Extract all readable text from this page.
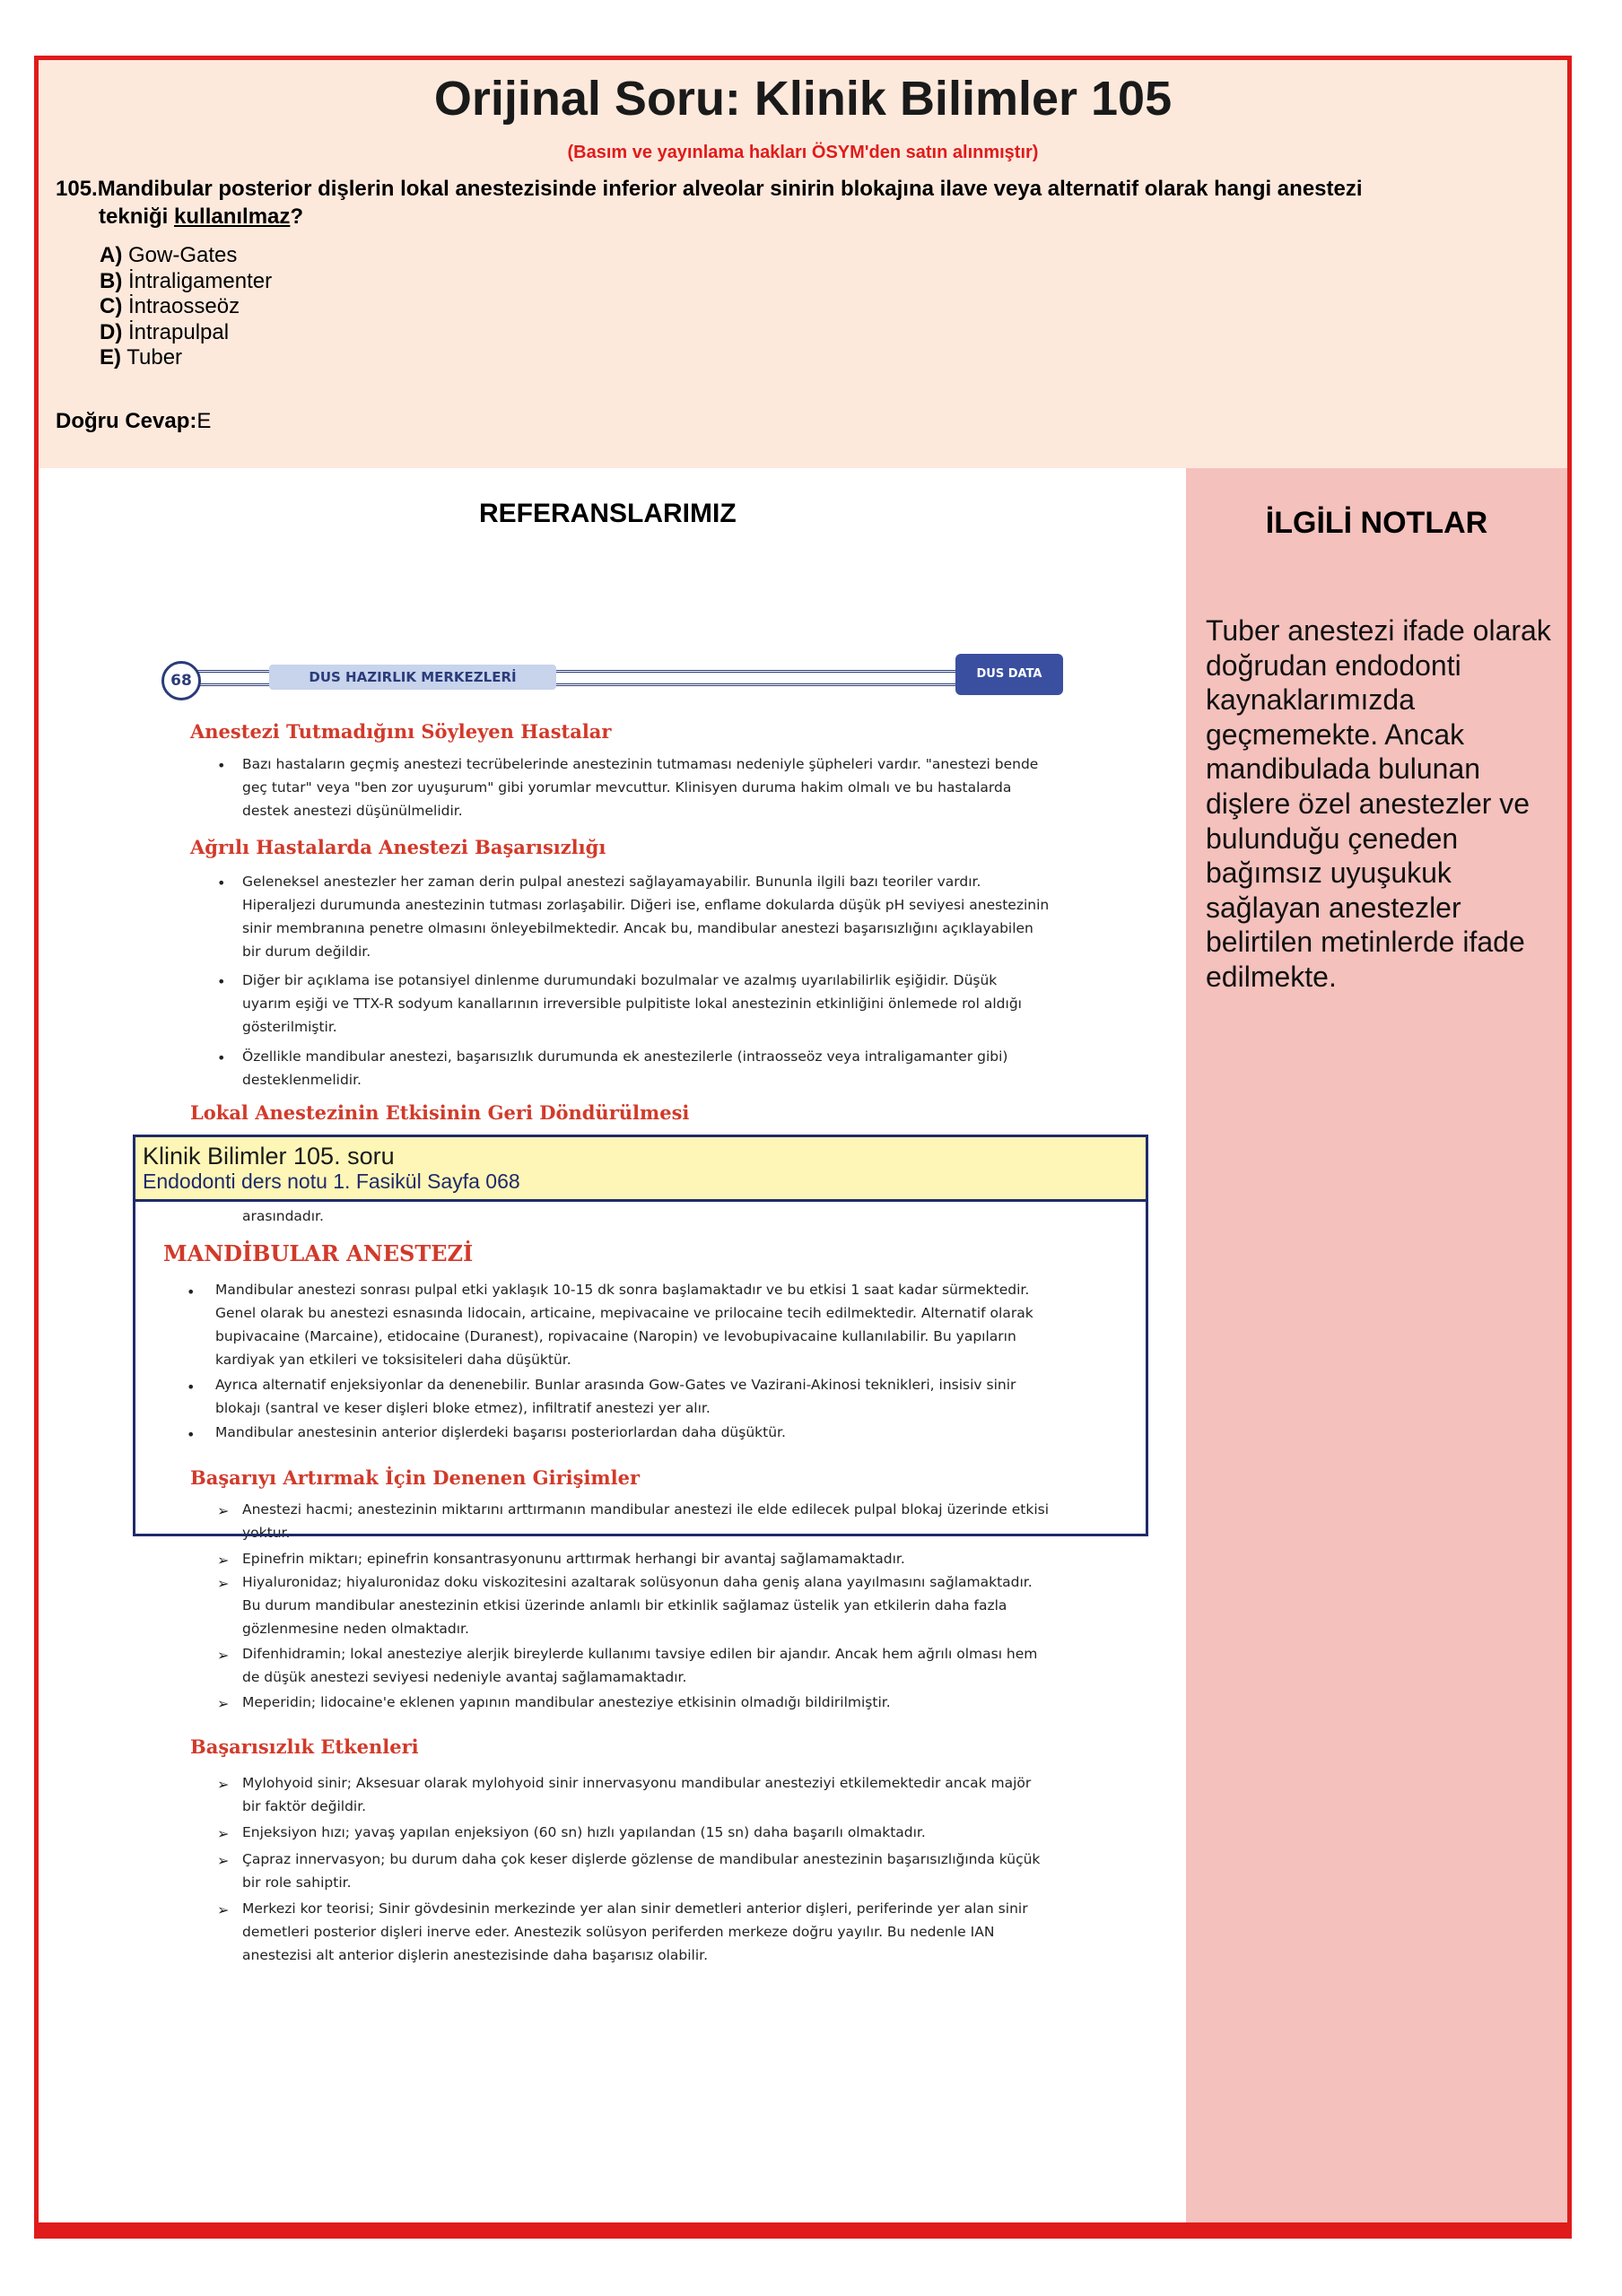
Orijinal Soru: Klinik Bilimler 105
(Basım ve yayınlama hakları ÖSYM'den satın alınmıştır)
105.Mandibular posterior dişlerin lokal anestezisinde inferior alveolar sinirin blokajına ilave veya alternatif olarak hangi anestezi
tekniği kullanılmaz?
A) Gow-Gates
B) İntraligamenter
C) İntraosseöz
D) İntrapulpal
E) Tuber
Doğru Cevap:E
REFERANSLARIMIZ	İLGİLİ NOTLAR
Tuber anestezi ifade olarak doğrudan endodonti kaynaklarımızda geçmemekte. Ancak mandibulada bulunan dişlere özel anestezler ve bulunduğu çeneden bağımsız uyuşukuk sağlayan anestezler belirtilen metinlerde ifade edilmekte.
DUS HAZIRLIK MERKEZLERİ
68	DUS DATA
Anestezi Tutmadığını Söyleyen Hastalar
• Bazı hastaların geçmiş anestezi tecrübelerinde anestezinin tutmaması nedeniyle şüpheleri vardır. "anestezi bende geç tutar" veya "ben zor uyuşurum" gibi yorumlar mevcuttur. Klinisyen duruma hakim olmalı ve bu hastalarda destek anestezi düşünülmelidir.
Ağrılı Hastalarda Anestezi Başarısızlığı
• Geleneksel anestezler her zaman derin pulpal anestezi sağlayamayabilir. Bununla ilgili bazı teoriler vardır. Hiperaljezi durumunda anestezinin tutması zorlaşabilir. Diğeri ise, enflame dokularda düşük pH seviyesi anestezinin sinir membranına penetre olmasını önleyebilmektedir. Ancak bu, mandibular anestezi başarısızlığını açıklayabilen bir durum değildir.
• Diğer bir açıklama ise potansiyel dinlenme durumundaki bozulmalar ve azalmış uyarılabilirlik eşiğidir. Düşük uyarım eşiği ve TTX-R sodyum kanallarının irreversible pulpitiste lokal anestezinin etkinliğini önlemede rol aldığı gösterilmiştir.
• Özellikle mandibular anestezi, başarısızlık durumunda ek anestezilerle (intraosseöz veya intraligamanter gibi) desteklenmelidir.
Lokal Anestezinin Etkisinin Geri Döndürülmesi
arasındadır.
MANDİBULAR ANESTEZİ
• Mandibular anestezi sonrası pulpal etki yaklaşık 10-15 dk sonra başlamaktadır ve bu etkisi 1 saat kadar sürmektedir. Genel olarak bu anestezi esnasında lidocain, articaine, mepivacaine ve prilocaine tecih edilmektedir. Alternatif olarak bupivacaine (Marcaine), etidocaine (Duranest), ropivacaine (Naropin) ve levobupivacaine kullanılabilir. Bu yapıların kardiyak yan etkileri ve toksisiteleri daha düşüktür.
• Ayrıca alternatif enjeksiyonlar da denenebilir. Bunlar arasında Gow-Gates ve Vazirani-Akinosi teknikleri, insisiv sinir blokajı (santral ve keser dişleri bloke etmez), infiltratif anestezi yer alır.
• Mandibular anestesinin anterior dişlerdeki başarısı posteriorlardan daha düşüktür.
Başarıyı Artırmak İçin Denenen Girişimler
➢ Anestezi hacmi; anestezinin miktarını arttırmanın mandibular anestezi ile elde edilecek pulpal blokaj üzerinde etkisi yoktur.
➢ Epinefrin miktarı; epinefrin konsantrasyonunu arttırmak herhangi bir avantaj sağlamamaktadır.
➢ Hiyaluronidaz; hiyaluronidaz doku viskozitesini azaltarak solüsyonun daha geniş alana yayılmasını sağlamaktadır. Bu durum mandibular anestezinin etkisi üzerinde anlamlı bir etkinlik sağlamaz üstelik yan etkilerin daha fazla gözlenmesine neden olmaktadır.
➢ Difenhidramin; lokal anesteziye alerjik bireylerde kullanımı tavsiye edilen bir ajandır. Ancak hem ağrılı olması hem de düşük anestezi seviyesi nedeniyle avantaj sağlamamaktadır.
➢ Meperidin; lidocaine'e eklenen yapının mandibular anesteziye etkisinin olmadığı bildirilmiştir.
Başarısızlık Etkenleri
➢ Mylohyoid sinir; Aksesuar olarak mylohyoid sinir innervasyonu mandibular anesteziyi etkilemektedir ancak majör bir faktör değildir.
➢ Enjeksiyon hızı; yavaş yapılan enjeksiyon (60 sn) hızlı yapılandan (15 sn) daha başarılı olmaktadır.
➢ Çapraz innervasyon; bu durum daha çok keser dişlerde gözlense de mandibular anestezinin başarısızlığında küçük bir role sahiptir.
➢ Merkezi kor teorisi; Sinir gövdesinin merkezinde yer alan sinir demetleri anterior dişleri, periferinde yer alan sinir demetleri posterior dişleri inerve eder. Anestezik solüsyon periferden merkeze doğru yayılır. Bu nedenle IAN anestezisi alt anterior dişlerin anestezisinde daha başarısız olabilir.
Klinik Bilimler 105. soru
Endodonti ders notu 1. Fasikül Sayfa 068
